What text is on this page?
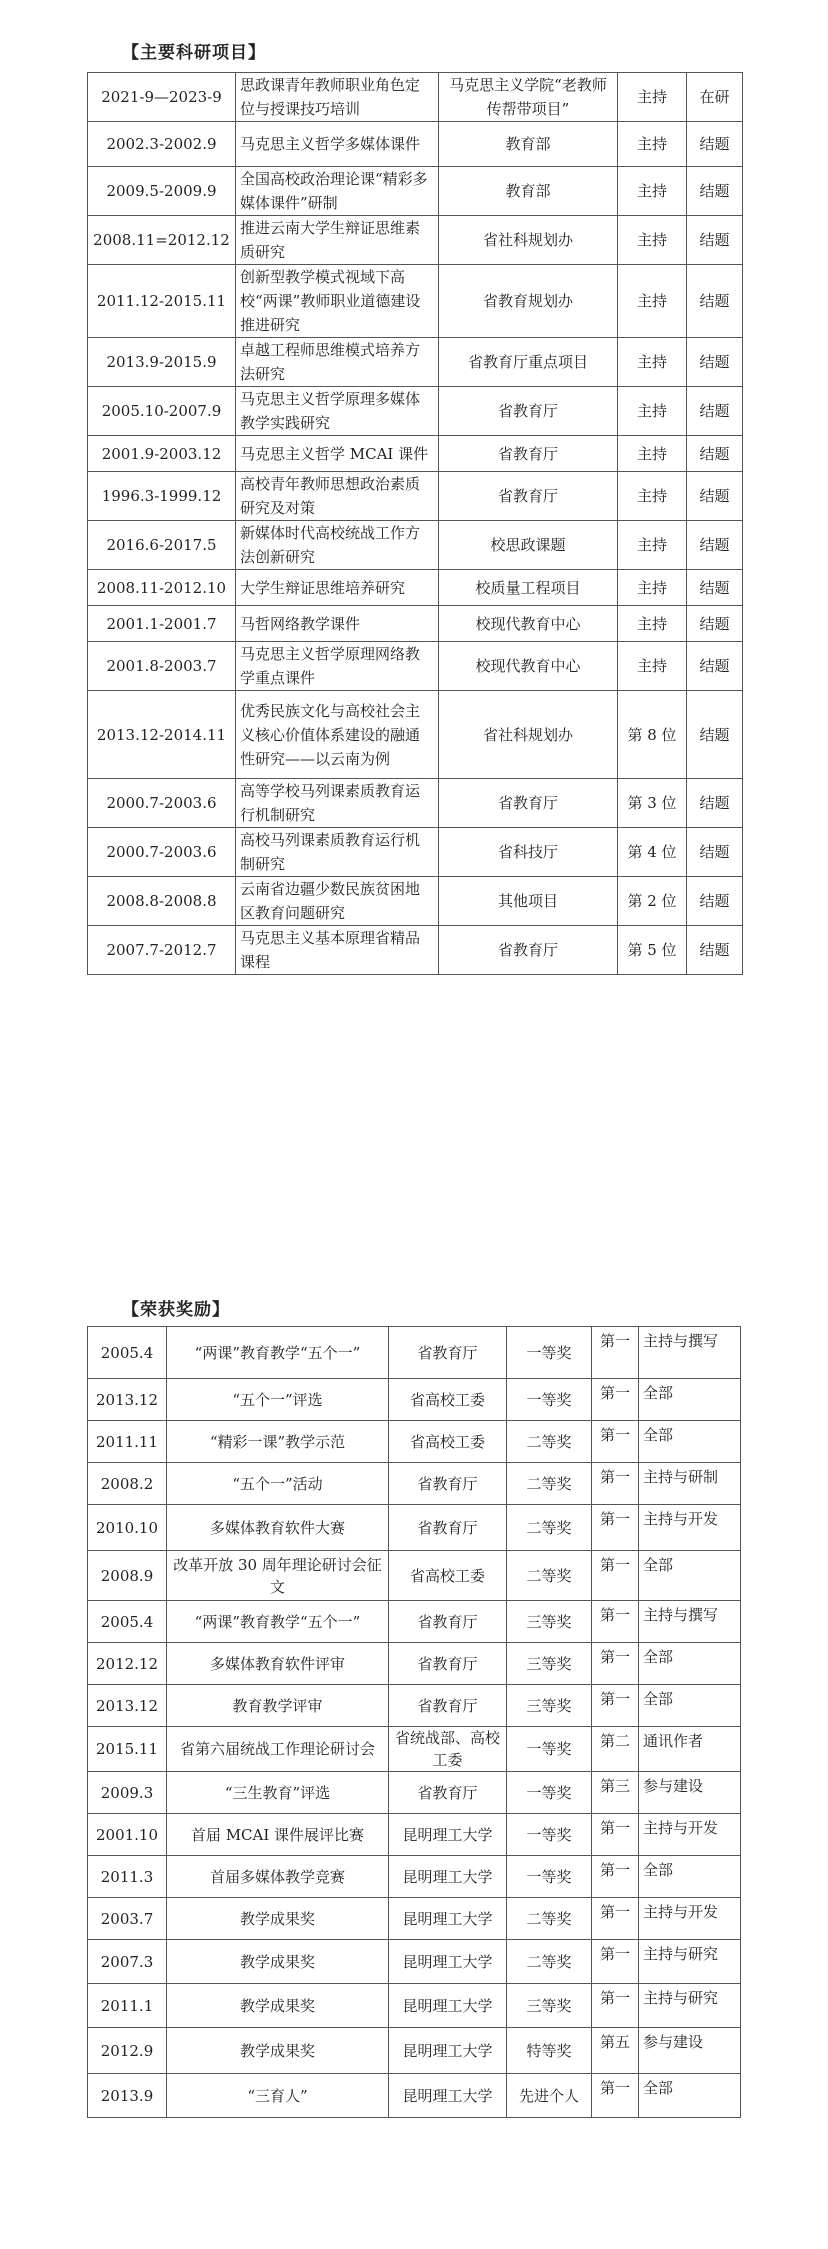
【主要科研项目】
2021-9—2023-9	思政课青年教师职业角色定位与授课技巧培训	马克思主义学院“老教师传帮带项目”	主持	在研
2002.3-2002.9	马克思主义哲学多媒体课件	教育部	主持	结题
2009.5-2009.9	全国高校政治理论课“精彩多媒体课件”研制	教育部	主持	结题
2008.11=2012.12	推进云南大学生辩证思维素质研究	省社科规划办	主持	结题
2011.12-2015.11	创新型教学模式视域下高校“两课”教师职业道德建设推进研究	省教育规划办	主持	结题
2013.9-2015.9	卓越工程师思维模式培养方法研究	省教育厅重点项目	主持	结题
2005.10-2007.9	马克思主义哲学原理多媒体教学实践研究	省教育厅	主持	结题
2001.9-2003.12	马克思主义哲学 MCAI 课件	省教育厅	主持	结题
1996.3-1999.12	高校青年教师思想政治素质研究及对策	省教育厅	主持	结题
2016.6-2017.5	新媒体时代高校统战工作方法创新研究	校思政课题	主持	结题
2008.11-2012.10	大学生辩证思维培养研究	校质量工程项目	主持	结题
2001.1-2001.7	马哲网络教学课件	校现代教育中心	主持	结题
2001.8-2003.7	马克思主义哲学原理网络教学重点课件	校现代教育中心	主持	结题
2013.12-2014.11	优秀民族文化与高校社会主义核心价值体系建设的融通性研究——以云南为例	省社科规划办	第 8 位	结题
2000.7-2003.6	高等学校马列课素质教育运行机制研究	省教育厅	第 3 位	结题
2000.7-2003.6	高校马列课素质教育运行机制研究	省科技厅	第 4 位	结题
2008.8-2008.8	云南省边疆少数民族贫困地区教育问题研究	其他项目	第 2 位	结题
2007.7-2012.7	马克思主义基本原理省精品课程	省教育厅	第 5 位	结题
【荣获奖励】
2005.4	“两课”教育教学“五个一”	省教育厅	一等奖	第一	主持与撰写
2013.12	“五个一”评选	省高校工委	一等奖	第一	全部
2011.11	“精彩一课”教学示范	省高校工委	二等奖	第一	全部
2008.2	“五个一”活动	省教育厅	二等奖	第一	主持与研制
2010.10	多媒体教育软件大赛	省教育厅	二等奖	第一	主持与开发
2008.9	改革开放 30 周年理论研讨会征文	省高校工委	二等奖	第一	全部
2005.4	“两课”教育教学“五个一”	省教育厅	三等奖	第一	主持与撰写
2012.12	多媒体教育软件评审	省教育厅	三等奖	第一	全部
2013.12	教育教学评审	省教育厅	三等奖	第一	全部
2015.11	省第六届统战工作理论研讨会	省统战部、高校工委	一等奖	第二	通讯作者
2009.3	“三生教育”评选	省教育厅	一等奖	第三	参与建设
2001.10	首届 MCAI 课件展评比赛	昆明理工大学	一等奖	第一	主持与开发
2011.3	首届多媒体教学竞赛	昆明理工大学	一等奖	第一	全部
2003.7	教学成果奖	昆明理工大学	二等奖	第一	主持与开发
2007.3	教学成果奖	昆明理工大学	二等奖	第一	主持与研究
2011.1	教学成果奖	昆明理工大学	三等奖	第一	主持与研究
2012.9	教学成果奖	昆明理工大学	特等奖	第五	参与建设
2013.9	“三育人”	昆明理工大学	先进个人	第一	全部
